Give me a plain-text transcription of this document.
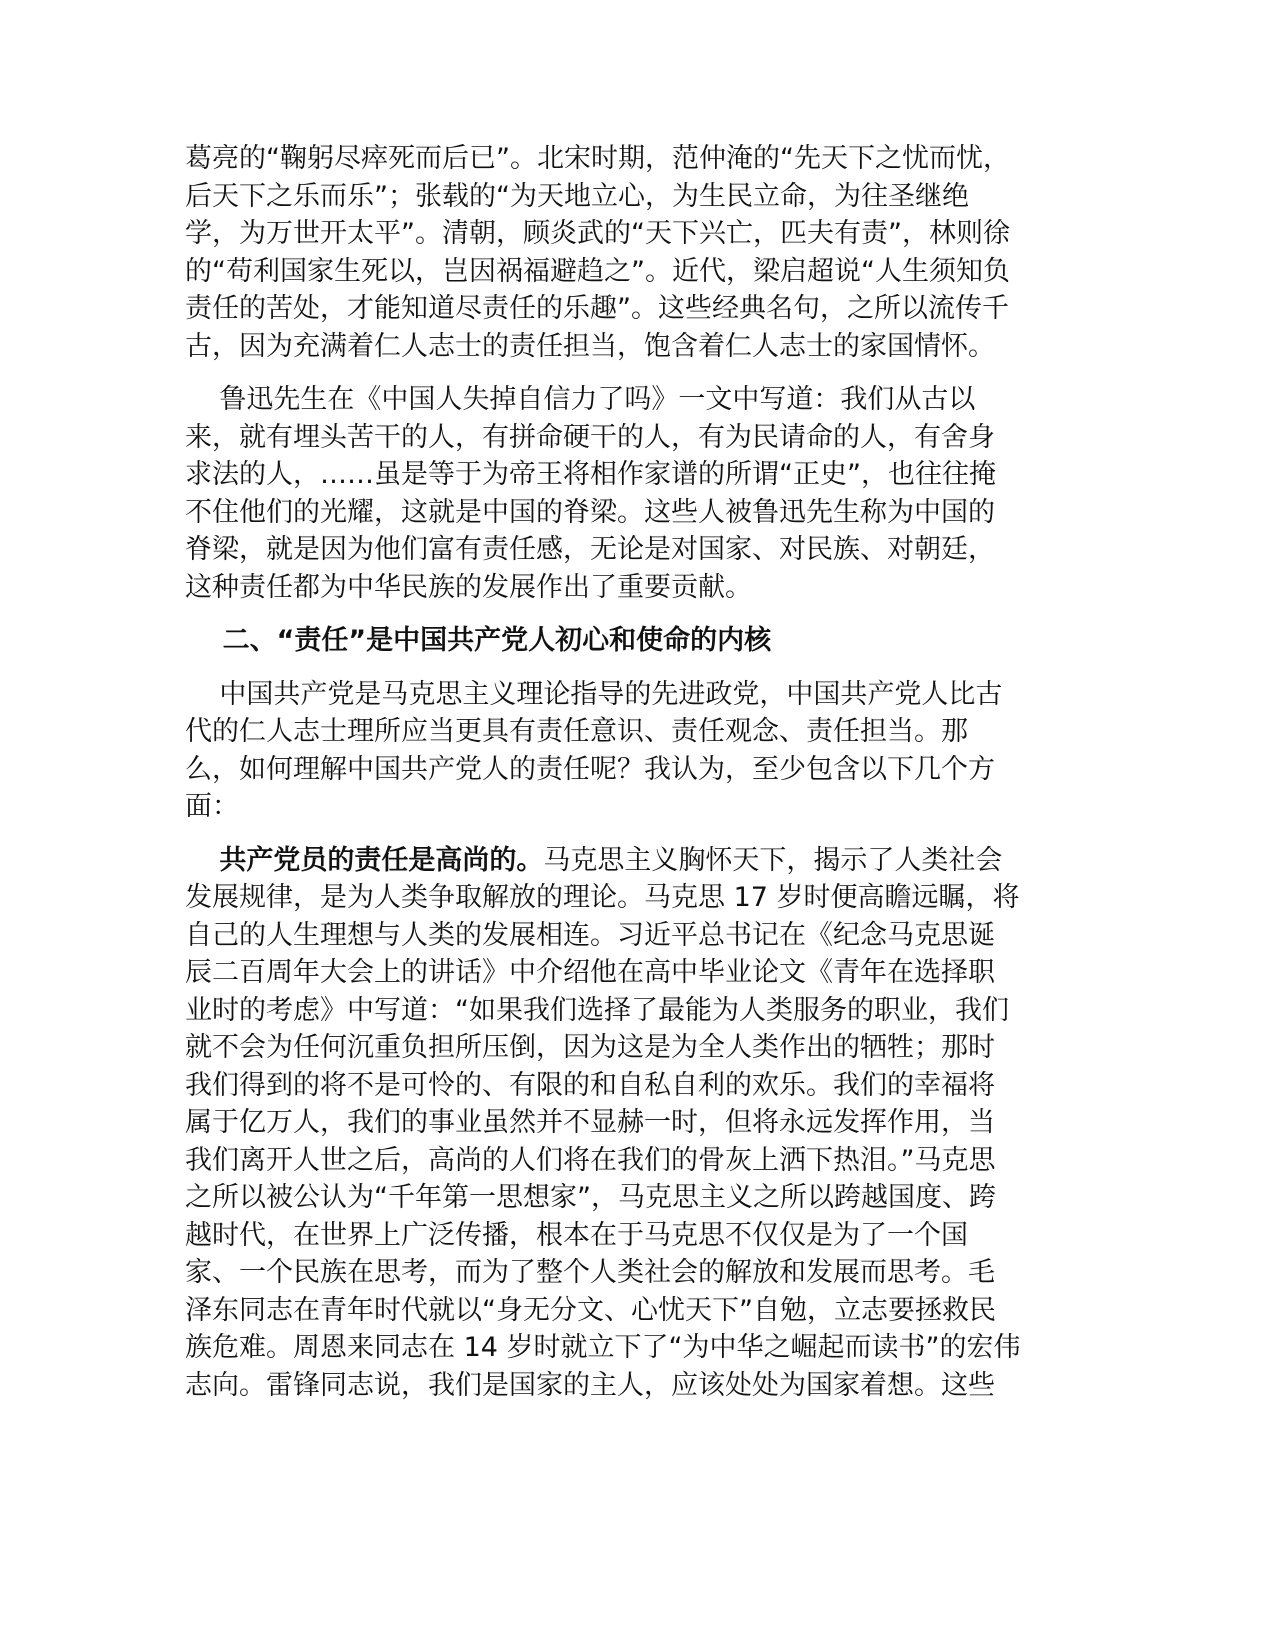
葛亮的“鞠躬尽瘁死而后已”。北宋时期，范仲淹的“先天下之忧而忧，
后天下之乐而乐”；张载的“为天地立心，为生民立命，为往圣继绝
学，为万世开太平”。清朝，顾炎武的“天下兴亡，匹夫有责”，林则徐
的“苟利国家生死以，岂因祸福避趋之”。近代，梁启超说“人生须知负
责任的苦处，才能知道尽责任的乐趣”。这些经典名句，之所以流传千
古，因为充满着仁人志士的责任担当，饱含着仁人志士的家国情怀。
鲁迅先生在《中国人失掉自信力了吗》一文中写道：我们从古以
来，就有埋头苦干的人，有拼命硬干的人，有为民请命的人，有舍身
求法的人，……虽是等于为帝王将相作家谱的所谓“正史”，也往往掩
不住他们的光耀，这就是中国的脊梁。这些人被鲁迅先生称为中国的
脊梁，就是因为他们富有责任感，无论是对国家、对民族、对朝廷，
这种责任都为中华民族的发展作出了重要贡献。
二、“责任”是中国共产党人初心和使命的内核
中国共产党是马克思主义理论指导的先进政党，中国共产党人比古
代的仁人志士理所应当更具有责任意识、责任观念、责任担当。那
么，如何理解中国共产党人的责任呢？我认为，至少包含以下几个方
面：
共产党员的责任是高尚的。马克思主义胸怀天下，揭示了人类社会
发展规律，是为人类争取解放的理论。马克思 17 岁时便高瞻远瞩，将
自己的人生理想与人类的发展相连。习近平总书记在《纪念马克思诞
辰二百周年大会上的讲话》中介绍他在高中毕业论文《青年在选择职
业时的考虑》中写道：“如果我们选择了最能为人类服务的职业，我们
就不会为任何沉重负担所压倒，因为这是为全人类作出的牺牲；那时
我们得到的将不是可怜的、有限的和自私自利的欢乐。我们的幸福将
属于亿万人，我们的事业虽然并不显赫一时，但将永远发挥作用，当
我们离开人世之后，高尚的人们将在我们的骨灰上洒下热泪。”马克思
之所以被公认为“千年第一思想家”，马克思主义之所以跨越国度、跨
越时代，在世界上广泛传播，根本在于马克思不仅仅是为了一个国
家、一个民族在思考，而为了整个人类社会的解放和发展而思考。毛
泽东同志在青年时代就以“身无分文、心忧天下”自勉，立志要拯救民
族危难。周恩来同志在 14 岁时就立下了“为中华之崛起而读书”的宏伟
志向。雷锋同志说，我们是国家的主人，应该处处为国家着想。这些
